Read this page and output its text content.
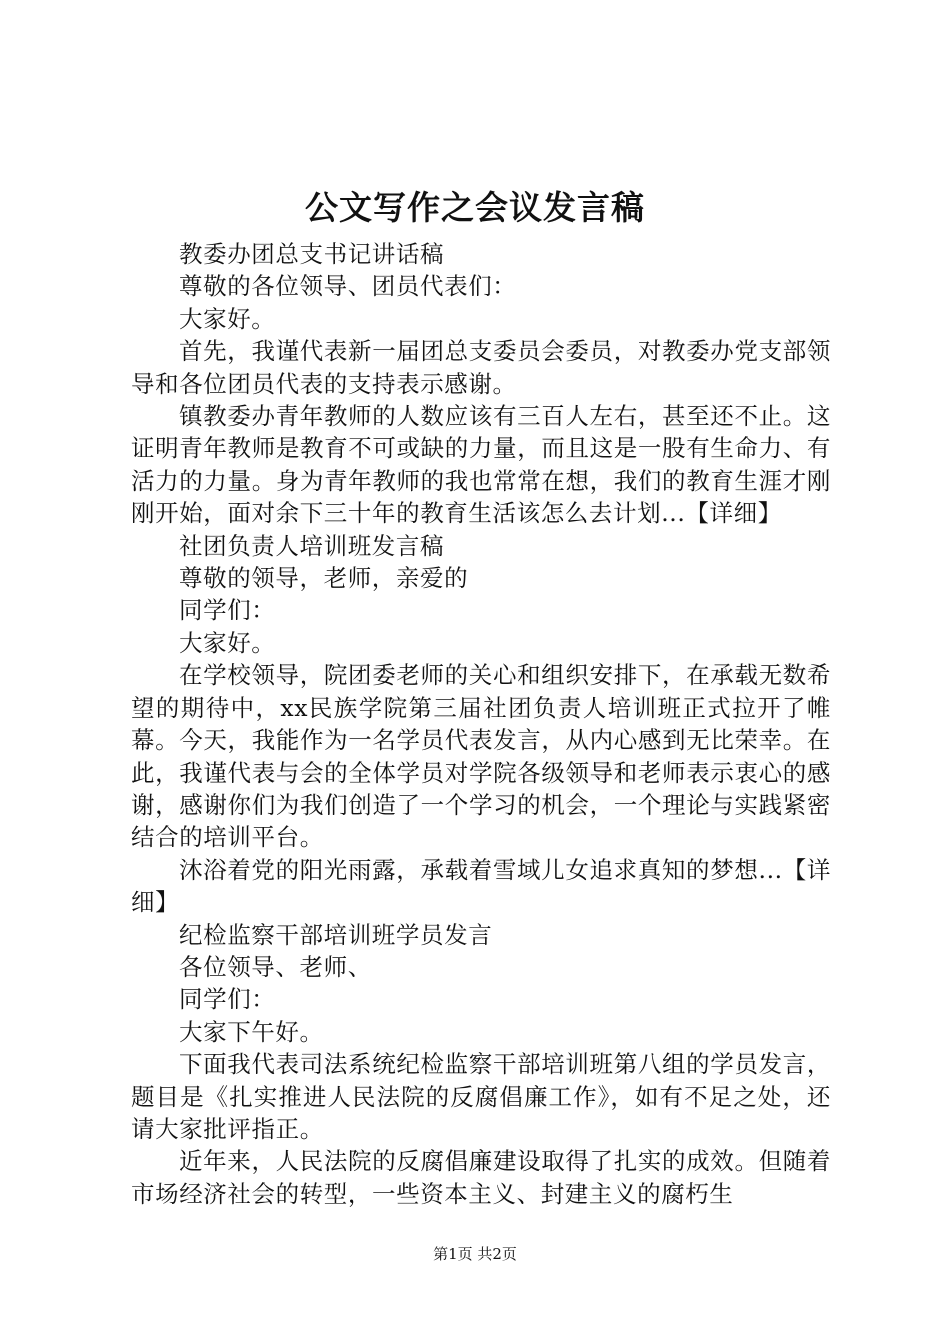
公文写作之会议发言稿

教委办团总支书记讲话稿

尊敬的各位领导、团员代表们：

大家好。

首先，我谨代表新一届团总支委员会委员，对教委办党支部领导和各位团员代表的支持表示感谢。

镇教委办青年教师的人数应该有三百人左右，甚至还不止。这证明青年教师是教育不可或缺的力量，而且这是一股有生命力、有活力的力量。身为青年教师的我也常常在想，我们的教育生涯才刚刚开始，面对余下三十年的教育生活该怎么去计划...【详细】

社团负责人培训班发言稿

尊敬的领导，老师，亲爱的

同学们：

大家好。

在学校领导，院团委老师的关心和组织安排下，在承载无数希望的期待中，xx民族学院第三届社团负责人培训班正式拉开了帷幕。今天，我能作为一名学员代表发言，从内心感到无比荣幸。在此，我谨代表与会的全体学员对学院各级领导和老师表示衷心的感谢，感谢你们为我们创造了一个学习的机会，一个理论与实践紧密结合的培训平台。

沐浴着党的阳光雨露，承载着雪域儿女追求真知的梦想...【详细】

纪检监察干部培训班学员发言

各位领导、老师、

同学们：

大家下午好。

下面我代表司法系统纪检监察干部培训班第八组的学员发言，题目是《扎实推进人民法院的反腐倡廉工作》，如有不足之处，还请大家批评指正。

近年来，人民法院的反腐倡廉建设取得了扎实的成效。但随着市场经济社会的转型，一些资本主义、封建主义的腐朽生

第1页 共2页
